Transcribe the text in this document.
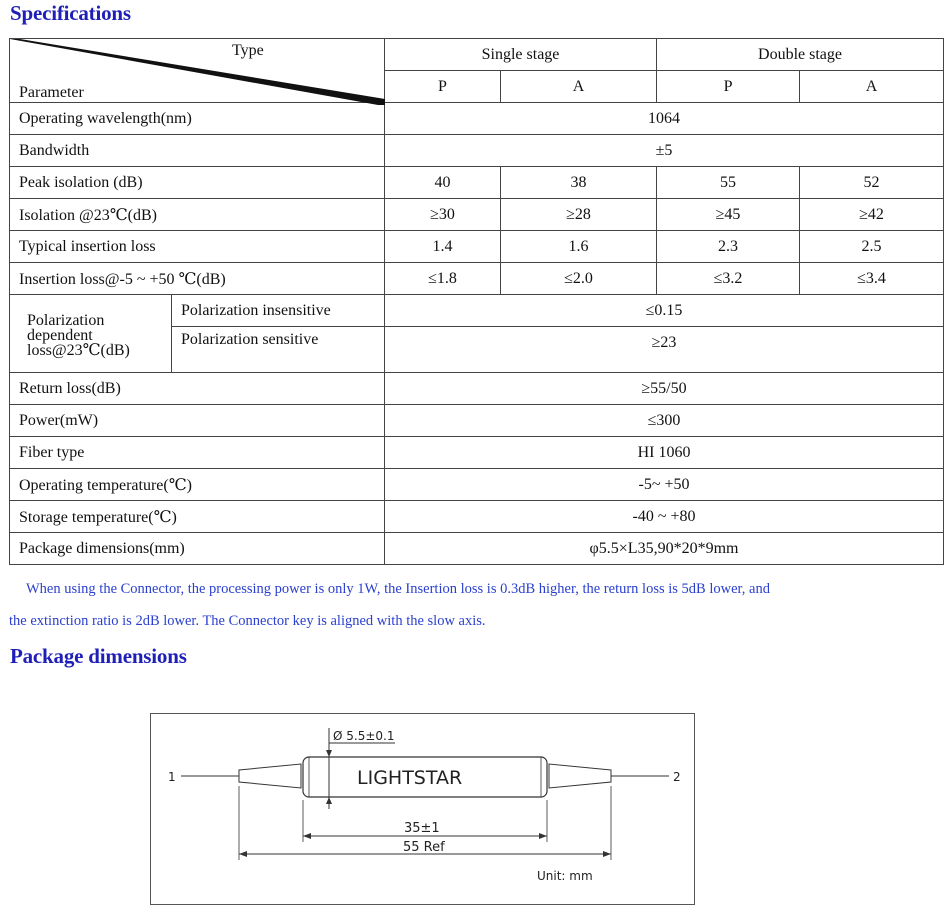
Specifications
Type
Parameter		Single stage		Double stage	
		P	A	P	A
Operating wavelength(nm)		1064			
Bandwidth		±5			
Peak isolation (dB)		40	38	55	52
Isolation @23℃(dB)		≥30	≥28	≥45	≥42
Typical insertion loss		1.4	1.6	2.3	2.5
Insertion loss@-5 ~ +50 ℃(dB)		≤1.8	≤2.0	≤3.2	≤3.4

Polarization
dependent
loss@23℃(dB)	Polarization insensitive	≤0.15			
	Polarization sensitive	≥23			
Return loss(dB)		≥55/50			
Power(mW)		≤300			
Fiber type		HI 1060			
Operating temperature(℃)		-5~ +50			
Storage temperature(℃)		-40 ~ +80			
Package dimensions(mm)		φ5.5×L35,90*20*9mm			
When using the Connector, the processing power is only 1W, the Insertion loss is 0.3dB higher, the return loss is 5dB lower, and
the extinction ratio is 2dB lower. The Connector key is aligned with the slow axis.
Package dimensions
Ø 5.5±0.1
LIGHTSTAR
1	2
35±1
55 Ref
Unit: mm
